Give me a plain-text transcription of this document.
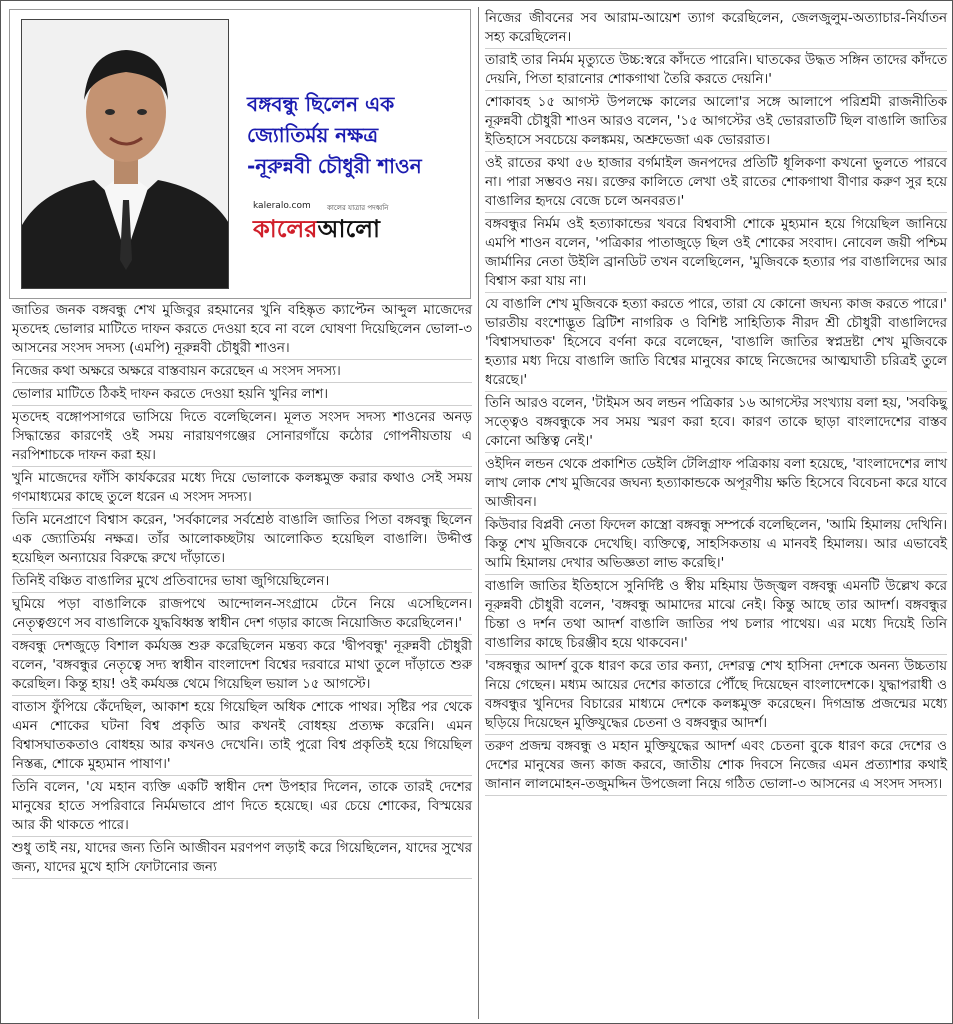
বঙ্গবন্ধু ছিলেন এক
জ্যোতির্ময় নক্ষত্র
-নূরুন্নবী চৌধুরী শাওন
kaleralo.com কালের যাত্রার পদধ্বনি
কালেরআলো

জাতির জনক বঙ্গবন্ধু শেখ মুজিবুর রহমানের খুনি বহিষ্কৃত ক্যাপ্টেন আব্দুল মাজেদের মৃতদেহ ভোলার মাটিতে দাফন করতে দেওয়া হবে না বলে ঘোষণা দিয়েছিলেন ভোলা-৩ আসনের সংসদ সদস্য (এমপি) নূরুন্নবী চৌধুরী শাওন।

নিজের কথা অক্ষরে অক্ষরে বাস্তবায়ন করেছেন এ সংসদ সদস্য।

ভোলার মাটিতে ঠিকই দাফন করতে দেওয়া হয়নি খুনির লাশ।

মৃতদেহ বঙ্গোপসাগরে ভাসিয়ে দিতে বলেছিলেন। মূলত সংসদ সদস্য শাওনের অনড় সিদ্ধান্তের কারণেই ওই সময় নারায়ণগঞ্জের সোনারগাঁয়ে কঠোর গোপনীয়তায় এ নরপিশাচকে দাফন করা হয়।

খুনি মাজেদের ফাঁসি কার্যকরের মধ্যে দিয়ে ভোলাকে কলঙ্কমুক্ত করার কথাও সেই সময় গণমাধ্যমের কাছে তুলে ধরেন এ সংসদ সদস্য।

তিনি মনেপ্রাণে বিশ্বাস করেন, 'সর্বকালের সর্বশ্রেষ্ঠ বাঙালি জাতির পিতা বঙ্গবন্ধু ছিলেন এক জ্যোতির্ময় নক্ষত্র। তাঁর আলোকচ্ছটায় আলোকিত হয়েছিল বাঙালি। উদ্দীপ্ত হয়েছিল অন্যায়ের বিরুদ্ধে রুখে দাঁড়াতে।

তিনিই বঞ্চিত বাঙালির মুখে প্রতিবাদের ভাষা জুগিয়েছিলেন।

ঘুমিয়ে পড়া বাঙালিকে রাজপথে আন্দোলন-সংগ্রামে টেনে নিয়ে এসেছিলেন। নেতৃত্বগুণে সব বাঙালিকে যুদ্ধবিধ্বস্ত স্বাধীন দেশ গড়ার কাজে নিয়োজিত করেছিলেন।'

বঙ্গবন্ধু দেশজুড়ে বিশাল কর্মযজ্ঞ শুরু করেছিলেন মন্তব্য করে 'দ্বীপবন্ধু' নূরুন্নবী চৌধুরী বলেন, 'বঙ্গবন্ধুর নেতৃত্বে সদ্য স্বাধীন বাংলাদেশ বিশ্বের দরবারে মাথা তুলে দাঁড়াতে শুরু করেছিল। কিন্তু হায়! ওই কর্মযজ্ঞ থেমে গিয়েছিল ভয়াল ১৫ আগস্টে।

বাতাস ফুঁপিয়ে কেঁদেছিল, আকাশ হয়ে গিয়েছিল অধিক শোকে পাথর। সৃষ্টির পর থেকে এমন শোকের ঘটনা বিশ্ব প্রকৃতি আর কখনই বোধহয় প্রত্যক্ষ করেনি। এমন বিশ্বাসঘাতকতাও বোধহয় আর কখনও দেখেনি। তাই পুরো বিশ্ব প্রকৃতিই হয়ে গিয়েছিল নিস্তব্ধ, শোকে মুহ্যমান পাষাণ।'

তিনি বলেন, 'যে মহান ব্যক্তি একটি স্বাধীন দেশ উপহার দিলেন, তাকে তারই দেশের মানুষের হাতে সপরিবারে নির্মমভাবে প্রাণ দিতে হয়েছে। এর চেয়ে শোকের, বিস্ময়ের আর কী থাকতে পারে।

শুধু তাই নয়, যাদের জন্য তিনি আজীবন মরণপণ লড়াই করে গিয়েছিলেন, যাদের সুখের জন্য, যাদের মুখে হাসি ফোটানোর জন্য

নিজের জীবনের সব আরাম-আয়েশ ত্যাগ করেছিলেন, জেলজুলুম-অত্যাচার-নির্যাতন সহ্য করেছিলেন।

তারাই তার নির্মম মৃত্যুতে উচ্চ:স্বরে কাঁদতে পারেনি। ঘাতকের উদ্ধত সঙ্গিন তাদের কাঁদতে দেয়নি, পিতা হারানোর শোকগাথা তৈরি করতে দেয়নি।'

শোকাবহ ১৫ আগস্ট উপলক্ষে কালের আলো'র সঙ্গে আলাপে পরিশ্রমী রাজনীতিক নূরুন্নবী চৌধুরী শাওন আরও বলেন, '১৫ আগস্টের ওই ভোররাতটি ছিল বাঙালি জাতির ইতিহাসে সবচেয়ে কলঙ্কময়, অশ্রুভেজা এক ভোররাত।

ওই রাতের কথা ৫৬ হাজার বর্গমাইল জনপদের প্রতিটি ধূলিকণা কখনো ভুলতে পারবে না। পারা সম্ভবও নয়। রক্তের কালিতে লেখা ওই রাতের শোকগাথা বীণার করুণ সুর হয়ে বাঙালির হৃদয়ে বেজে চলে অনবরত।'

বঙ্গবন্ধুর নির্মম ওই হত্যাকান্ডের খবরে বিশ্ববাসী শোকে মুহ্যমান হয়ে গিয়েছিল জানিয়ে এমপি শাওন বলেন, 'পত্রিকার পাতাজুড়ে ছিল ওই শোকের সংবাদ। নোবেল জয়ী পশ্চিম জার্মানির নেতা উইলি ব্রানডিট তখন বলেছিলেন, 'মুজিবকে হত্যার পর বাঙালিদের আর বিশ্বাস করা যায় না।

যে বাঙালি শেখ মুজিবকে হত্যা করতে পারে, তারা যে কোনো জঘন্য কাজ করতে পারে।' ভারতীয় বংশোদ্ভূত ব্রিটিশ নাগরিক ও বিশিষ্ট সাহিত্যিক নীরদ শ্রী চৌধুরী বাঙালিদের 'বিশ্বাসঘাতক' হিসেবে বর্ণনা করে বলেছেন, 'বাঙালি জাতির স্বপ্নদ্রষ্টা শেখ মুজিবকে হত্যার মধ্য দিয়ে বাঙালি জাতি বিশ্বের মানুষের কাছে নিজেদের আত্মঘাতী চরিত্রই তুলে ধরেছে।'

তিনি আরও বলেন, 'টাইমস অব লন্ডন পত্রিকার ১৬ আগস্টের সংখ্যায় বলা হয়, 'সবকিছু সত্ত্বেও বঙ্গবন্ধুকে সব সময় স্মরণ করা হবে। কারণ তাকে ছাড়া বাংলাদেশের বাস্তব কোনো অস্তিত্ব নেই।'

ওইদিন লন্ডন থেকে প্রকাশিত ডেইলি টেলিগ্রাফ পত্রিকায় বলা হয়েছে, 'বাংলাদেশের লাখ লাখ লোক শেখ মুজিবের জঘন্য হত্যাকান্ডকে অপূরণীয় ক্ষতি হিসেবে বিবেচনা করে যাবে আজীবন।

কিউবার বিপ্লবী নেতা ফিদেল কাস্ত্রো বঙ্গবন্ধু সম্পর্কে বলেছিলেন, 'আমি হিমালয় দেখিনি। কিন্তু শেখ মুজিবকে দেখেছি। ব্যক্তিত্বে, সাহসিকতায় এ মানবই হিমালয়। আর এভাবেই আমি হিমালয় দেখার অভিজ্ঞতা লাভ করেছি।'

বাঙালি জাতির ইতিহাসে সুনির্দিষ্ট ও স্বীয় মহিমায় উজ্জ্বল বঙ্গবন্ধু এমনটি উল্লেখ করে নূরুন্নবী চৌধুরী বলেন, 'বঙ্গবন্ধু আমাদের মাঝে নেই। কিন্তু আছে তার আদর্শ। বঙ্গবন্ধুর চিন্তা ও দর্শন তথা আদর্শ বাঙালি জাতির পথ চলার পাথেয়। এর মধ্যে দিয়েই তিনি বাঙালির কাছে চিরঞ্জীব হয়ে থাকবেন।'

'বঙ্গবন্ধুর আদর্শ বুকে ধারণ করে তার কন্যা, দেশরত্ন শেখ হাসিনা দেশকে অনন্য উচ্চতায় নিয়ে গেছেন। মধ্যম আয়ের দেশের কাতারে পৌঁছে দিয়েছেন বাংলাদেশকে। যুদ্ধাপরাধী ও বঙ্গবন্ধুর খুনিদের বিচারের মাধ্যমে দেশকে কলঙ্কমুক্ত করেছেন। দিগভ্রান্ত প্রজন্মের মধ্যে ছড়িয়ে দিয়েছেন মুক্তিযুদ্ধের চেতনা ও বঙ্গবন্ধুর আদর্শ।

তরুণ প্রজন্ম বঙ্গবন্ধু ও মহান মুক্তিযুদ্ধের আদর্শ এবং চেতনা বুকে ধারণ করে দেশের ও দেশের মানুষের জন্য কাজ করবে, জাতীয় শোক দিবসে নিজের এমন প্রত্যাশার কথাই জানান লালমোহন-তজুমদ্দিন উপজেলা নিয়ে গঠিত ভোলা-৩ আসনের এ সংসদ সদস্য।
